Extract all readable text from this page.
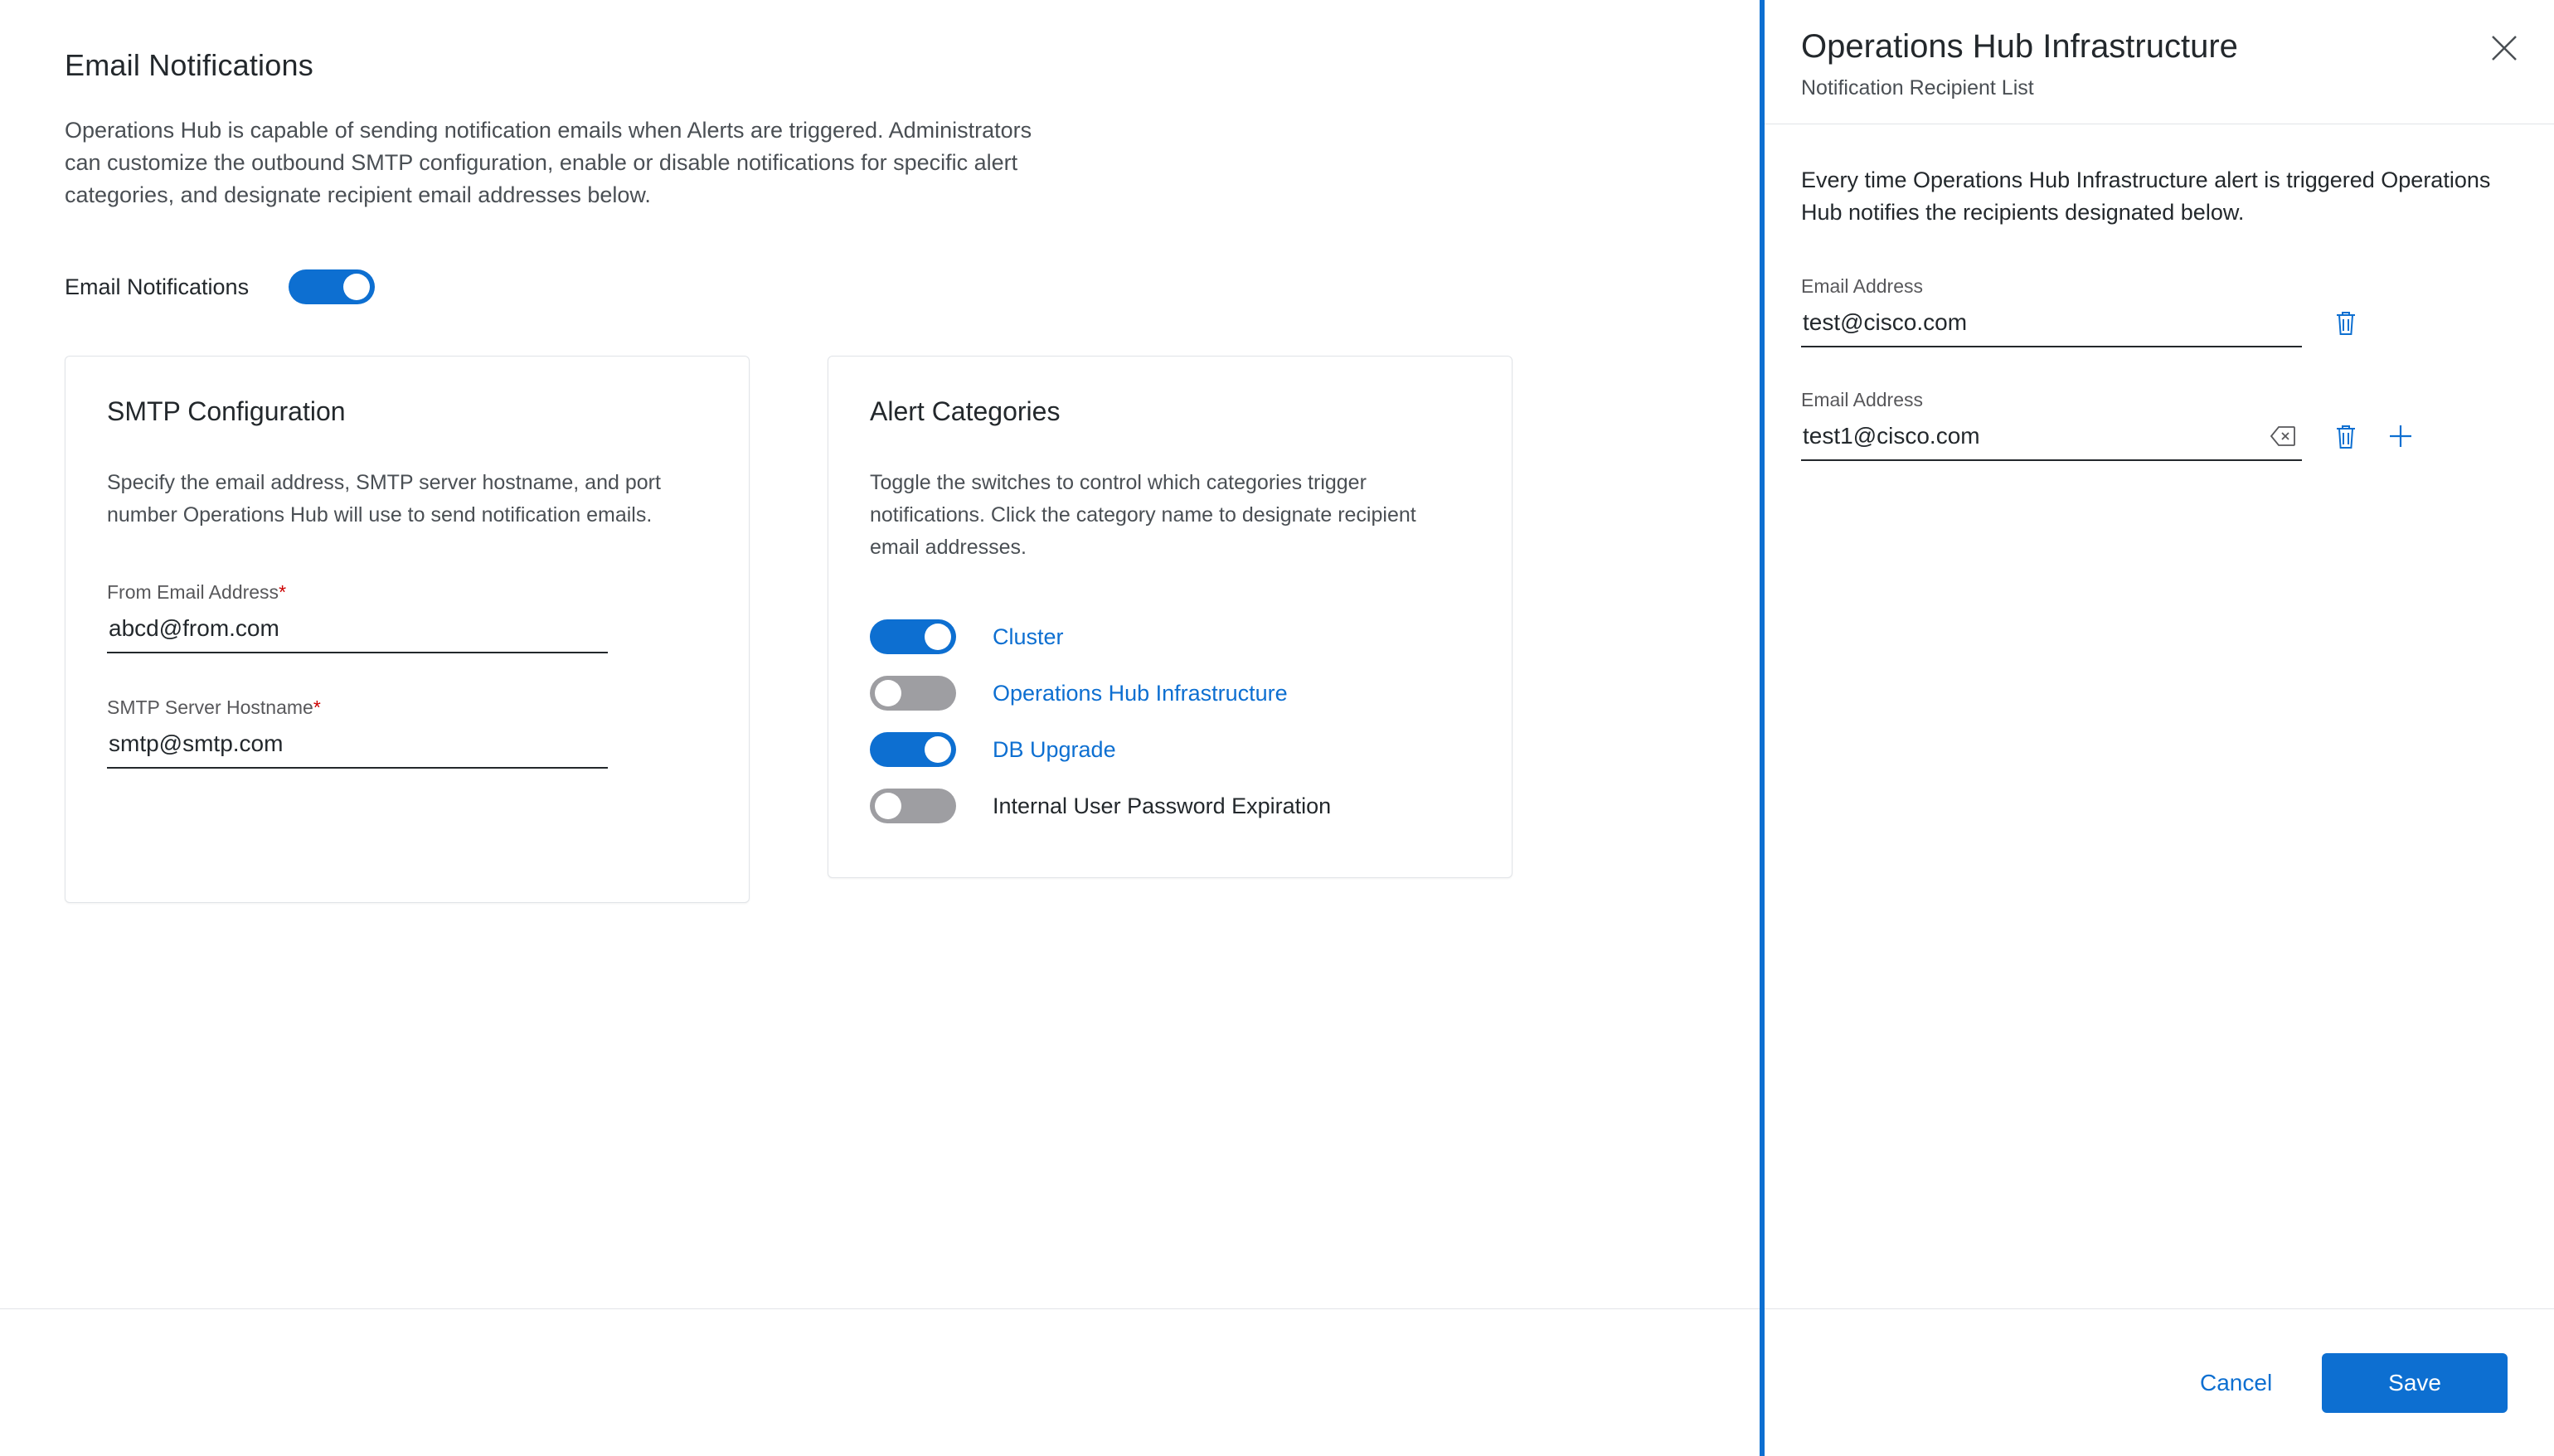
Email Notifications

Operations Hub is capable of sending notification emails when Alerts are triggered. Administrators can customize the outbound SMTP configuration, enable or disable notifications for specific alert categories, and designate recipient email addresses below.

Email Notifications
SMTP Configuration

Specify the email address, SMTP server hostname, and port number Operations Hub will use to send notification emails.

From Email Address*
abcd@from.com
SMTP Server Hostname*
smtp@smtp.com
Alert Categories

Toggle the switches to control which categories trigger notifications. Click the category name to designate recipient email addresses.

Cluster
Operations Hub Infrastructure
DB Upgrade
Internal User Password Expiration
Operations Hub Infrastructure

Notification Recipient List

Every time Operations Hub Infrastructure alert is triggered Operations Hub notifies the recipients designated below.

Email Address
test@cisco.com
Email Address
test1@cisco.com
Cancel	Save
